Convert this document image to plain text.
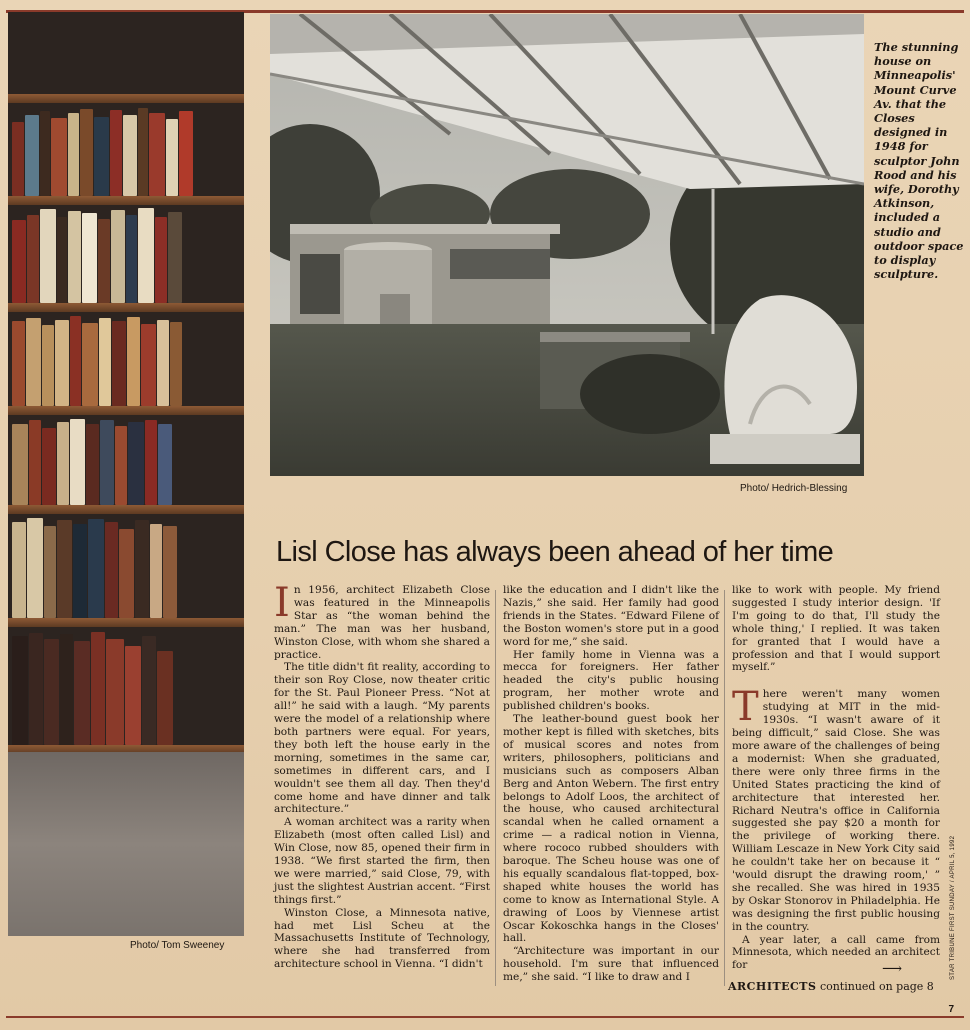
Photo/ Tom Sweeney
Photo/ Hedrich-Blessing
The stunning house on Minneapolis' Mount Curve Av. that the Closes designed in 1948 for sculptor John Rood and his wife, Dorothy Atkinson, included a studio and outdoor space to display sculpture.
Lisl Close has always been ahead of her time

In 1956, architect Elizabeth Close was featured in the Minneapolis Star as “the woman behind the man.” The man was her husband, Winston Close, with whom she shared a practice.

The title didn't fit reality, according to their son Roy Close, now theater critic for the St. Paul Pioneer Press. “Not at all!” he said with a laugh. “My parents were the model of a relationship where both partners were equal. For years, they both left the house early in the morning, sometimes in the same car, sometimes in different cars, and I wouldn't see them all day. Then they'd come home and have dinner and talk architecture.”

A woman architect was a rarity when Elizabeth (most often called Lisl) and Win Close, now 85, opened their firm in 1938. “We first started the firm, then we were married,” said Close, 79, with just the slightest Austrian accent. “First things first.”

Winston Close, a Minnesota native, had met Lisl Scheu at the Massachusetts Institute of Technology, where she had transferred from architecture school in Vienna. “I didn't

like the education and I didn't like the Nazis,” she said. Her family had good friends in the States. “Edward Filene of the Boston women's store put in a good word for me,” she said.

Her family home in Vienna was a mecca for foreigners. Her father headed the city's public housing program, her mother wrote and published children's books.

The leather-bound guest book her mother kept is filled with sketches, bits of musical scores and notes from writers, philosophers, politicians and musicians such as composers Alban Berg and Anton Webern. The first entry belongs to Adolf Loos, the architect of the house, who caused architectural scandal when he called ornament a crime — a radical notion in Vienna, where rococo rubbed shoulders with baroque. The Scheu house was one of his equally scandalous flat-topped, box-shaped white houses the world has come to know as International Style. A drawing of Loos by Viennese artist Oscar Kokoschka hangs in the Closes' hall.

“Architecture was important in our household. I'm sure that influenced me,” she said. “I like to draw and I

like to work with people. My friend suggested I study interior design. 'If I'm going to do that, I'll study the whole thing,' I replied. It was taken for granted that I would have a profession and that I would support myself.”

There weren't many women studying at MIT in the mid-1930s. “I wasn't aware of it being difficult,” said Close. She was more aware of the challenges of being a modernist: When she graduated, there were only three firms in the United States practicing the kind of architecture that interested her. Richard Neutra's office in California suggested she pay $20 a month for the privilege of working there. William Lescaze in New York City said he couldn't take her on because it “ 'would disrupt the drawing room,' ” she recalled. She was hired in 1935 by Oskar Stonorov in Philadelphia. He was designing the first public housing in the country.

A year later, a call came from Minnesota, which needed an architect for	⟶
ARCHITECTS continued on page 8
STAR TRIBUNE FIRST SUNDAY / APRIL 5, 1992
7
